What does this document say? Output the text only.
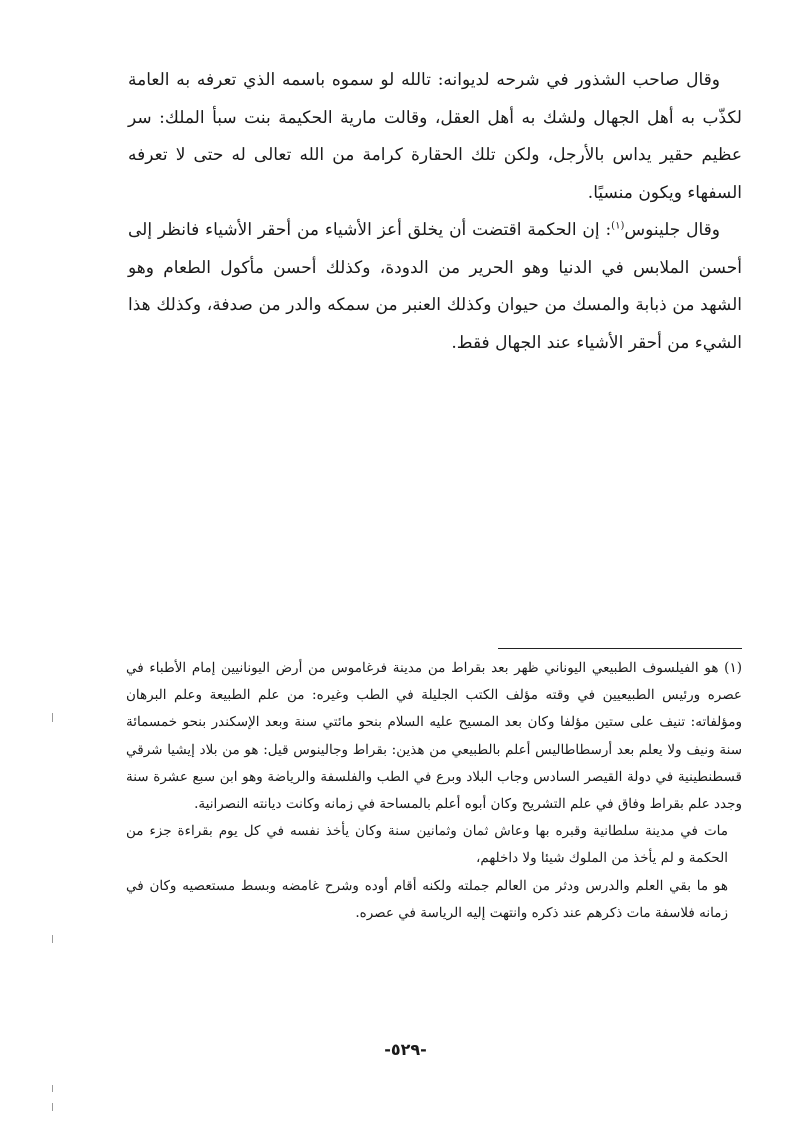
وقال صاحب الشذور في شرحه لديوانه: تالله لو سموه باسمه الذي تعرفه به العامة لكذّب به أهل الجهال ولشك به أهل العقل، وقالت مارية الحكيمة بنت سبأ الملك: سر عظيم حقير يداس بالأرجل، ولكن تلك الحقارة كرامة من الله تعالى له حتى لا تعرفه السفهاء ويكون منسيًا.

وقال جلينوس$^{(١)}$: إن الحكمة اقتضت أن يخلق أعز الأشياء من أحقر الأشياء فانظر إلى أحسن الملابس في الدنيا وهو الحرير من الدودة، وكذلك أحسن مأكول الطعام وهو الشهد من ذبابة والمسك من حيوان وكذلك العنبر من سمكه والدر من صدفة، وكذلك هذا الشيء من أحقر الأشياء عند الجهال فقط.

(١) هو الفيلسوف الطبيعي اليوناني ظهر بعد بقراط من مدينة فرغاموس من أرض اليونانيين إمام الأطباء في عصره ورئيس الطبيعيين في وقته مؤلف الكتب الجليلة في الطب وغيره: من علم الطبيعة وعلم البرهان ومؤلفاته: تنيف على ستين مؤلفا وكان بعد المسيح عليه السلام بنحو مائتي سنة وبعد الإسكندر بنحو خمسمائة سنة ونيف ولا يعلم بعد أرسطاطاليس أعلم بالطبيعي من هذين: بقراط وجالينوس قيل: هو من بلاد إيشيا شرقي قسطنطينية في دولة القيصر السادس وجاب البلاد وبرع في الطب والفلسفة والرياضة وهو ابن سبع عشرة سنة وجدد علم بقراط وفاق في علم التشريح وكان أبوه أعلم بالمساحة في زمانه وكانت ديانته النصرانية.

مات في مدينة سلطانية وقبره بها وعاش ثمان وثمانين سنة وكان يأخذ نفسه في كل يوم بقراءة جزء من الحكمة و لم يأخذ من الملوك شيئا ولا داخلهم،

هو ما بقي العلم والدرس ودثر من العالم جملته ولكنه أقام أوده وشرح غامضه وبسط مستعصيه وكان في زمانه فلاسفة مات ذكرهم عند ذكره وانتهت إليه الرياسة في عصره.

-٥٢٩-
